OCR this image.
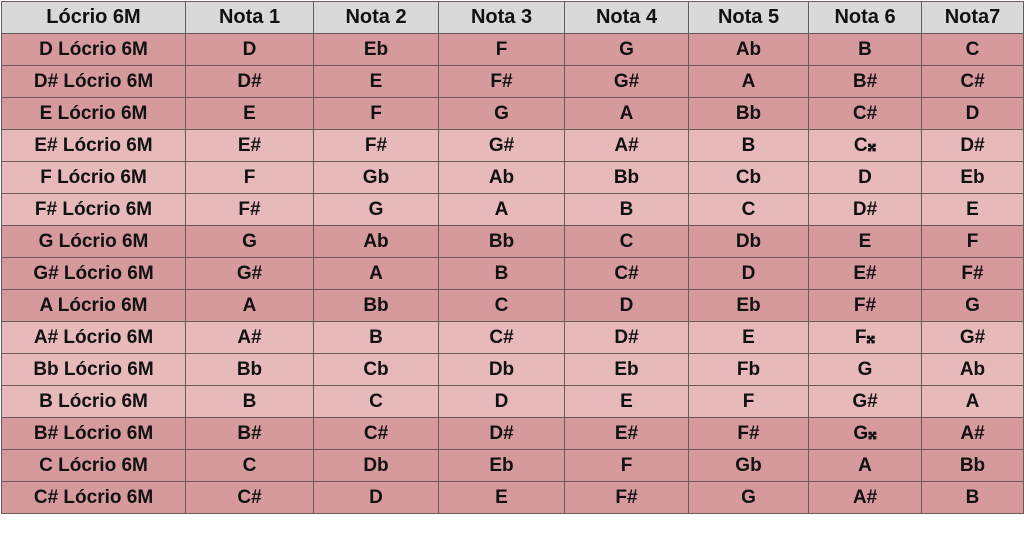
Lócrio 6M	Nota 1	Nota 2	Nota 3	Nota 4	Nota 5	Nota 6	Nota7
D Lócrio 6M	D	Eb	F	G	Ab	B	C
D# Lócrio 6M	D#	E	F#	G#	A	B#	C#
E Lócrio 6M	E	F	G	A	Bb	C#	D
E# Lócrio 6M	E#	F#	G#	A#	B	C𝄪	D#
F Lócrio 6M	F	Gb	Ab	Bb	Cb	D	Eb
F# Lócrio 6M	F#	G	A	B	C	D#	E
G Lócrio 6M	G	Ab	Bb	C	Db	E	F
G# Lócrio 6M	G#	A	B	C#	D	E#	F#
A Lócrio 6M	A	Bb	C	D	Eb	F#	G
A# Lócrio 6M	A#	B	C#	D#	E	F𝄪	G#
Bb Lócrio 6M	Bb	Cb	Db	Eb	Fb	G	Ab
B Lócrio 6M	B	C	D	E	F	G#	A
B# Lócrio 6M	B#	C#	D#	E#	F#	G𝄪	A#
C Lócrio 6M	C	Db	Eb	F	Gb	A	Bb
C# Lócrio 6M	C#	D	E	F#	G	A#	B
